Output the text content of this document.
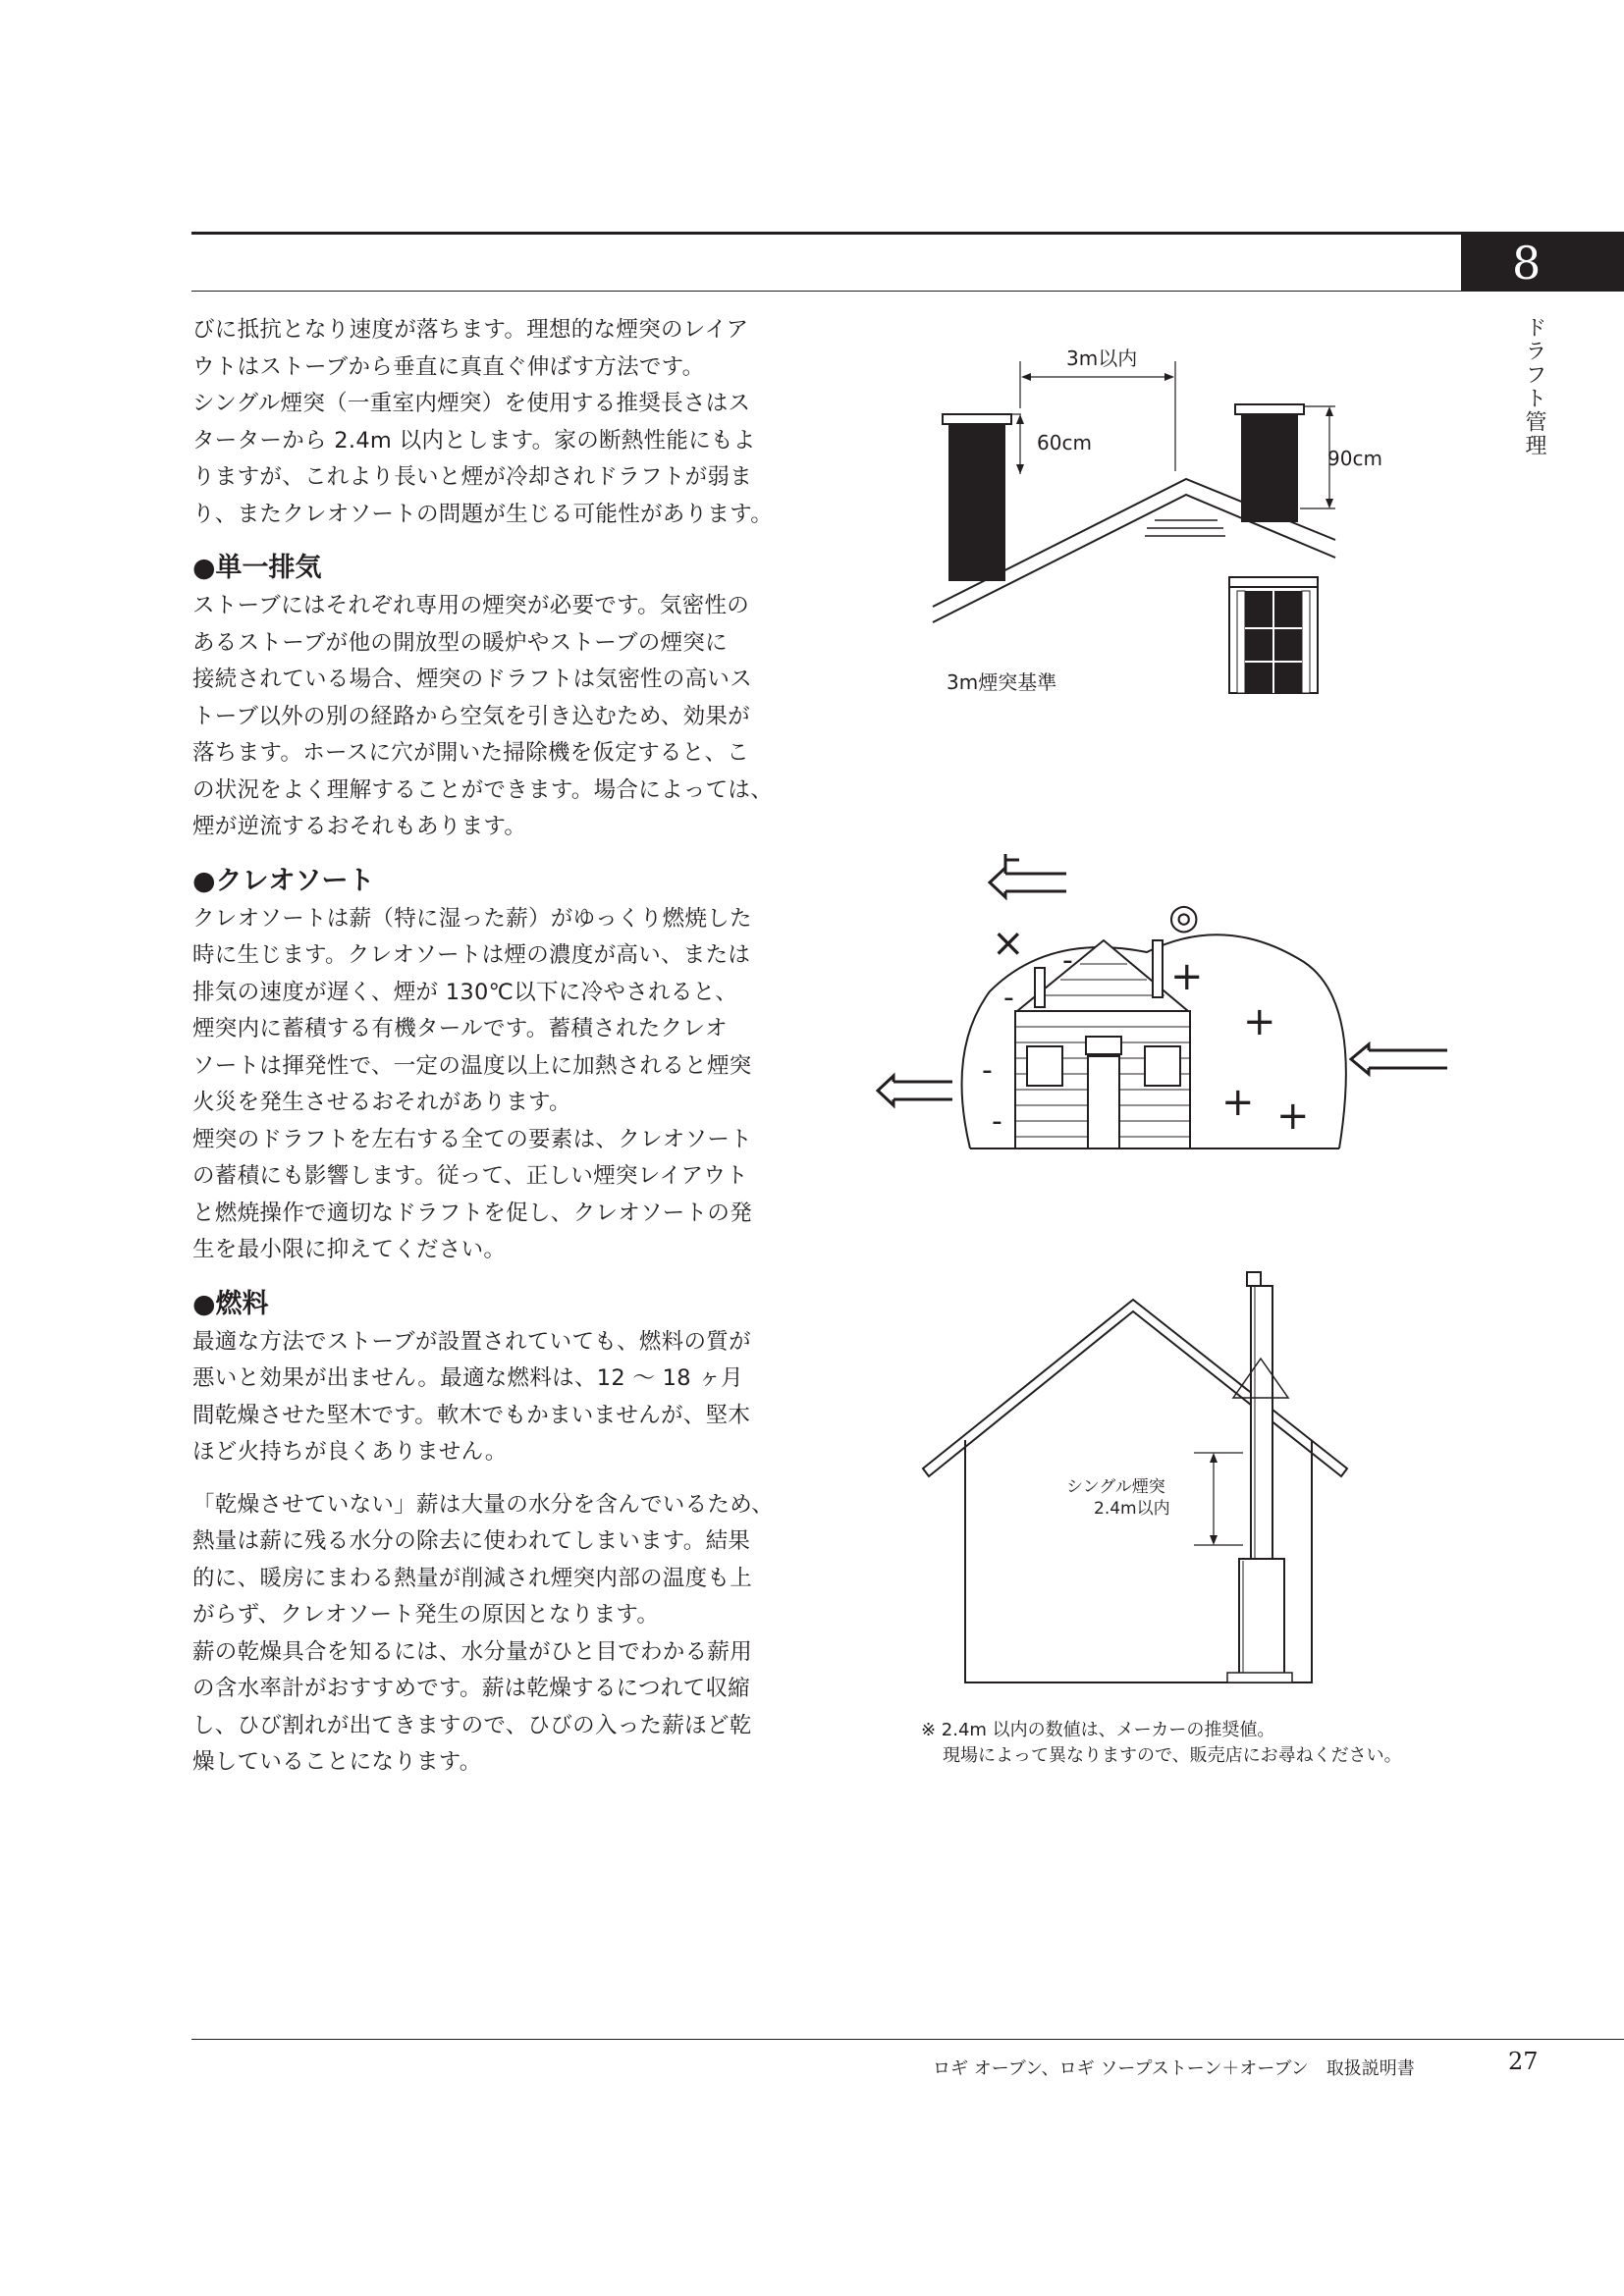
8
ドラフト管理

びに抵抗となり速度が落ちます。理想的な煙突のレイア

ウトはストーブから垂直に真直ぐ伸ばす方法です。

シングル煙突（一重室内煙突）を使用する推奨長さはス

ターターから 2.4m 以内とします。家の断熱性能にもよ

りますが、これより長いと煙が冷却されドラフトが弱ま

り、またクレオソートの問題が生じる可能性があります。

●単一排気

ストーブにはそれぞれ専用の煙突が必要です。気密性の

あるストーブが他の開放型の暖炉やストーブの煙突に

接続されている場合、煙突のドラフトは気密性の高いス

トーブ以外の別の経路から空気を引き込むため、効果が

落ちます。ホースに穴が開いた掃除機を仮定すると、こ

の状況をよく理解することができます。場合によっては、

煙が逆流するおそれもあります。

●クレオソート

クレオソートは薪（特に湿った薪）がゆっくり燃焼した

時に生じます。クレオソートは煙の濃度が高い、または

排気の速度が遅く、煙が 130℃以下に冷やされると、

煙突内に蓄積する有機タールです。蓄積されたクレオ

ソートは揮発性で、一定の温度以上に加熱されると煙突

火災を発生させるおそれがあります。

煙突のドラフトを左右する全ての要素は、クレオソート

の蓄積にも影響します。従って、正しい煙突レイアウト

と燃焼操作で適切なドラフトを促し、クレオソートの発

生を最小限に抑えてください。

●燃料

最適な方法でストーブが設置されていても、燃料の質が

悪いと効果が出ません。最適な燃料は、12 ～ 18 ヶ月

間乾燥させた堅木です。軟木でもかまいませんが、堅木

ほど火持ちが良くありません。

「乾燥させていない」薪は大量の水分を含んでいるため、

熱量は薪に残る水分の除去に使われてしまいます。結果

的に、暖房にまわる熱量が削減され煙突内部の温度も上

がらず、クレオソート発生の原因となります。

薪の乾燥具合を知るには、水分量がひと目でわかる薪用

の含水率計がおすすめです。薪は乾燥するにつれて収縮

し、ひび割れが出てきますので、ひびの入った薪ほど乾

燥していることになります。

3m以内
60cm
90cm
3m煙突基準
×
◎
+
+
+ +
-
-
-
-
シングル煙突
2.4m以内
※ 2.4m 以内の数値は、メーカーの推奨値。
現場によって異なりますので、販売店にお尋ねください。
ロギ オーブン、ロギ ソープストーン＋オーブン　取扱説明書	27
